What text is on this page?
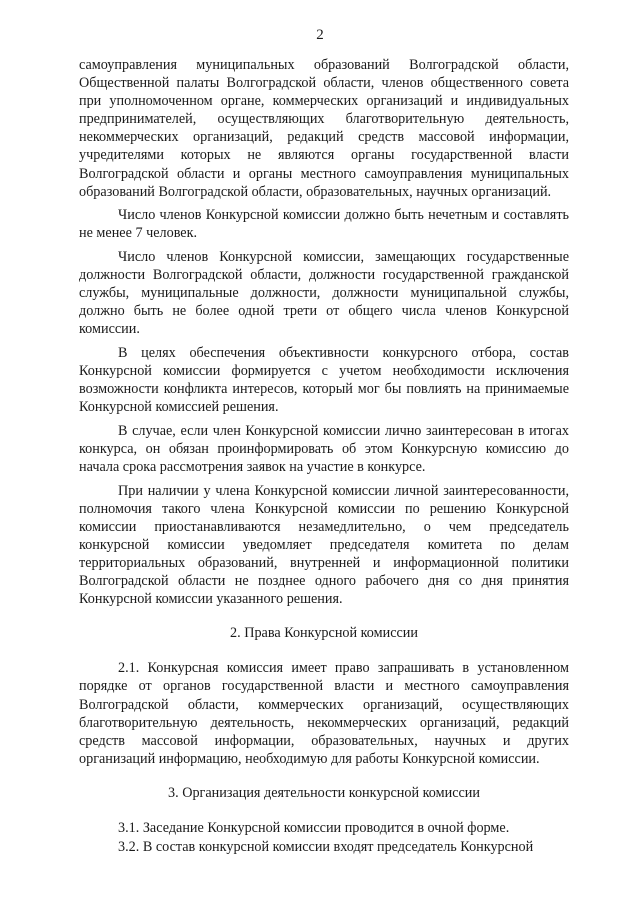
2

самоуправления муниципальных образований Волгоградской области, Общественной палаты Волгоградской области, членов общественного совета при уполномоченном органе, коммерческих организаций и индивидуальных предпринимателей, осуществляющих благотворительную деятельность, некоммерческих организаций, редакций средств массовой информации, учредителями которых не являются органы государственной власти Волгоградской области и органы местного самоуправления муниципальных образований Волгоградской области, образовательных, научных организаций.

Число членов Конкурсной комиссии должно быть нечетным и составлять не менее 7 человек.

Число членов Конкурсной комиссии, замещающих государственные должности Волгоградской области, должности государственной гражданской службы, муниципальные должности, должности муниципальной службы, должно быть не более одной трети от общего числа членов Конкурсной комиссии.

В целях обеспечения объективности конкурсного отбора, состав Конкурсной комиссии формируется с учетом необходимости исключения возможности конфликта интересов, который мог бы повлиять на принимаемые Конкурсной комиссией решения.

В случае, если член Конкурсной комиссии лично заинтересован в итогах конкурса, он обязан проинформировать об этом Конкурсную комиссию до начала срока рассмотрения заявок на участие в конкурсе.

При наличии у члена Конкурсной комиссии личной заинтересованности, полномочия такого члена Конкурсной комиссии по решению Конкурсной комиссии приостанавливаются незамедлительно, о чем председатель конкурсной комиссии уведомляет председателя комитета по делам территориальных образований, внутренней и информационной политики Волгоградской области не позднее одного рабочего дня со дня принятия Конкурсной комиссии указанного решения.

2. Права Конкурсной комиссии

2.1. Конкурсная комиссия имеет право запрашивать в установленном порядке от органов государственной власти и местного самоуправления Волгоградской области, коммерческих организаций, осуществляющих благотворительную деятельность, некоммерческих организаций, редакций средств массовой информации, образовательных, научных и других организаций информацию, необходимую для работы Конкурсной комиссии.

3. Организация деятельности конкурсной комиссии

3.1. Заседание Конкурсной комиссии проводится в очной форме.

3.2. В состав конкурсной комиссии входят председатель Конкурсной
